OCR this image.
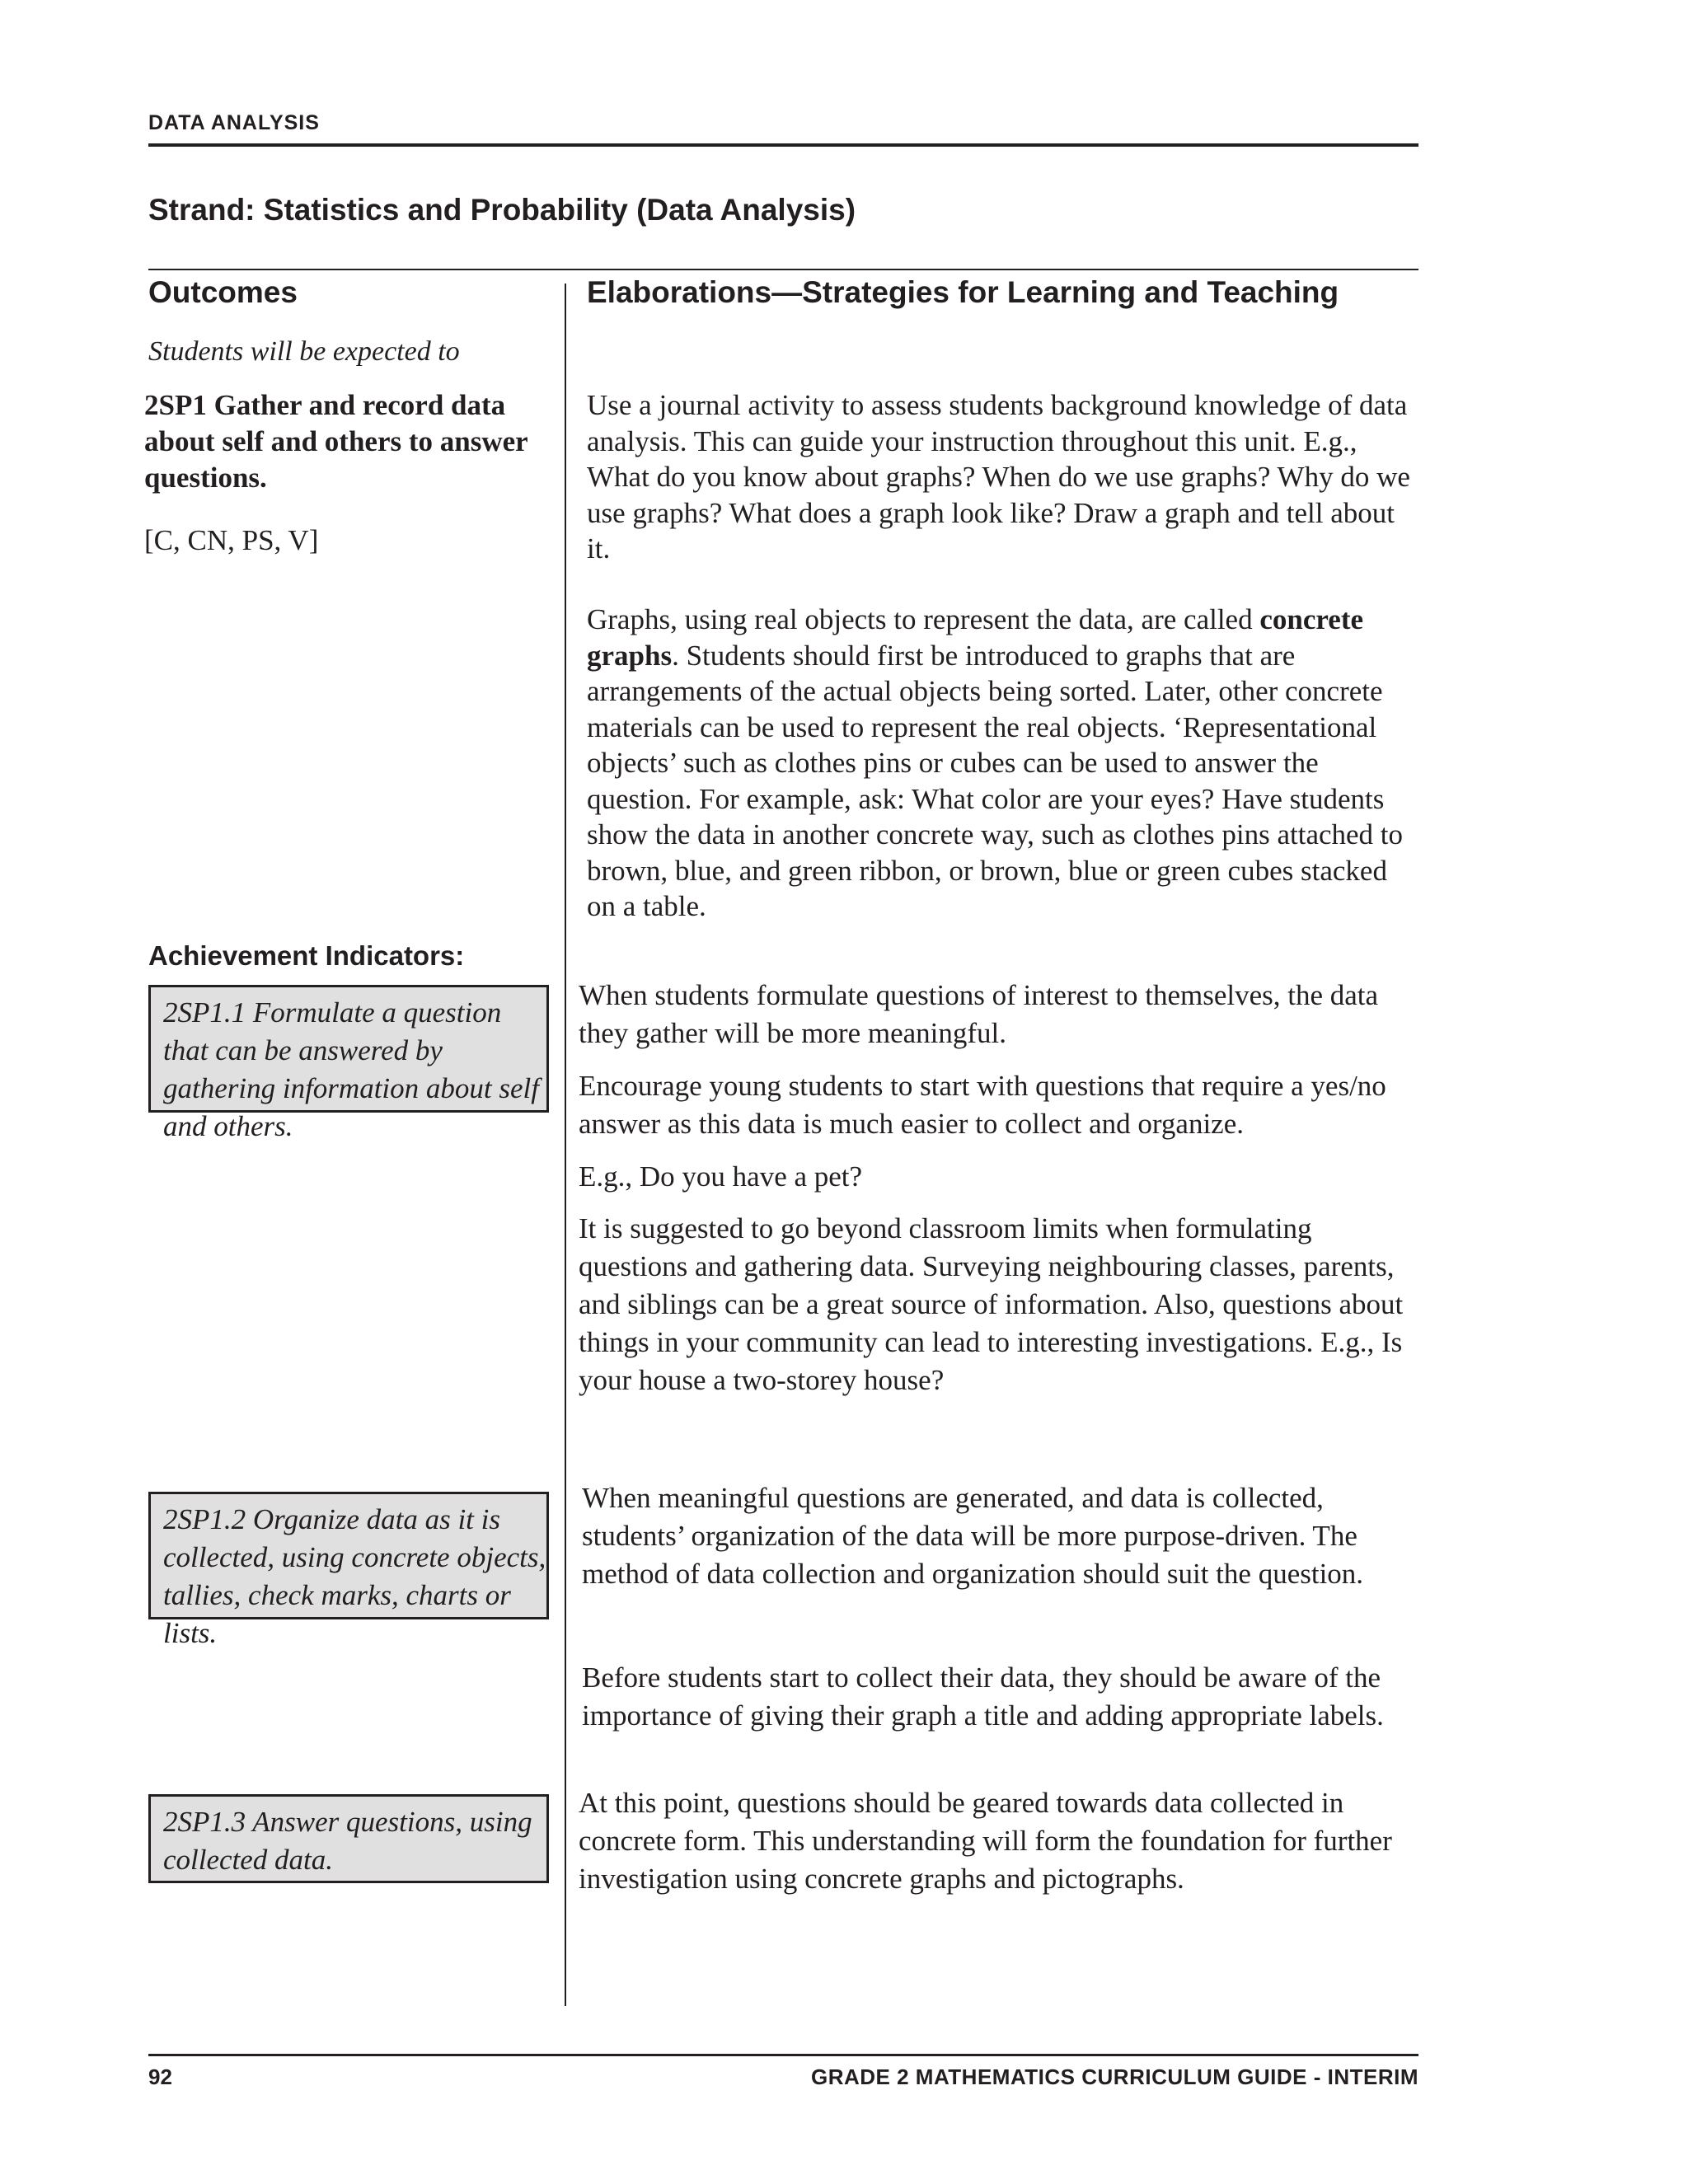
DATA ANALYSIS
Strand: Statistics and Probability (Data Analysis)
Outcomes	Elaborations—Strategies for Learning and Teaching
Students will be expected to
2SP1 Gather and record data about self and others to answer questions.
[C, CN, PS, V]
Achievement Indicators:
2SP1.1 Formulate a question that can be answered by gathering information about self and others.
2SP1.2 Organize data as it is collected, using concrete objects, tallies, check marks, charts or lists.
2SP1.3 Answer questions, using collected data.

Use a journal activity to assess students background knowledge of data analysis. This can guide your instruction throughout this unit. E.g., What do you know about graphs? When do we use graphs? Why do we use graphs? What does a graph look like? Draw a graph and tell about it.

Graphs, using real objects to represent the data, are called concrete graphs. Students should first be introduced to graphs that are arrangements of the actual objects being sorted. Later, other concrete materials can be used to represent the real objects. ‘Representational objects’ such as clothes pins or cubes can be used to answer the question. For example, ask: What color are your eyes? Have students show the data in another concrete way, such as clothes pins attached to brown, blue, and green ribbon, or brown, blue or green cubes stacked on a table.

When students formulate questions of interest to themselves, the data they gather will be more meaningful.

Encourage young students to start with questions that require a yes/no answer as this data is much easier to collect and organize.

E.g., Do you have a pet?

It is suggested to go beyond classroom limits when formulating questions and gathering data. Surveying neighbouring classes, parents, and siblings can be a great source of information. Also, questions about things in your community can lead to interesting investigations. E.g., Is your house a two-storey house?

When meaningful questions are generated, and data is collected, students’ organization of the data will be more purpose-driven. The method of data collection and organization should suit the question.

Before students start to collect their data, they should be aware of the importance of giving their graph a title and adding appropriate labels.

At this point, questions should be geared towards data collected in concrete form. This understanding will form the foundation for further investigation using concrete graphs and pictographs.

92	GRADE 2 MATHEMATICS CURRICULUM GUIDE - INTERIM
